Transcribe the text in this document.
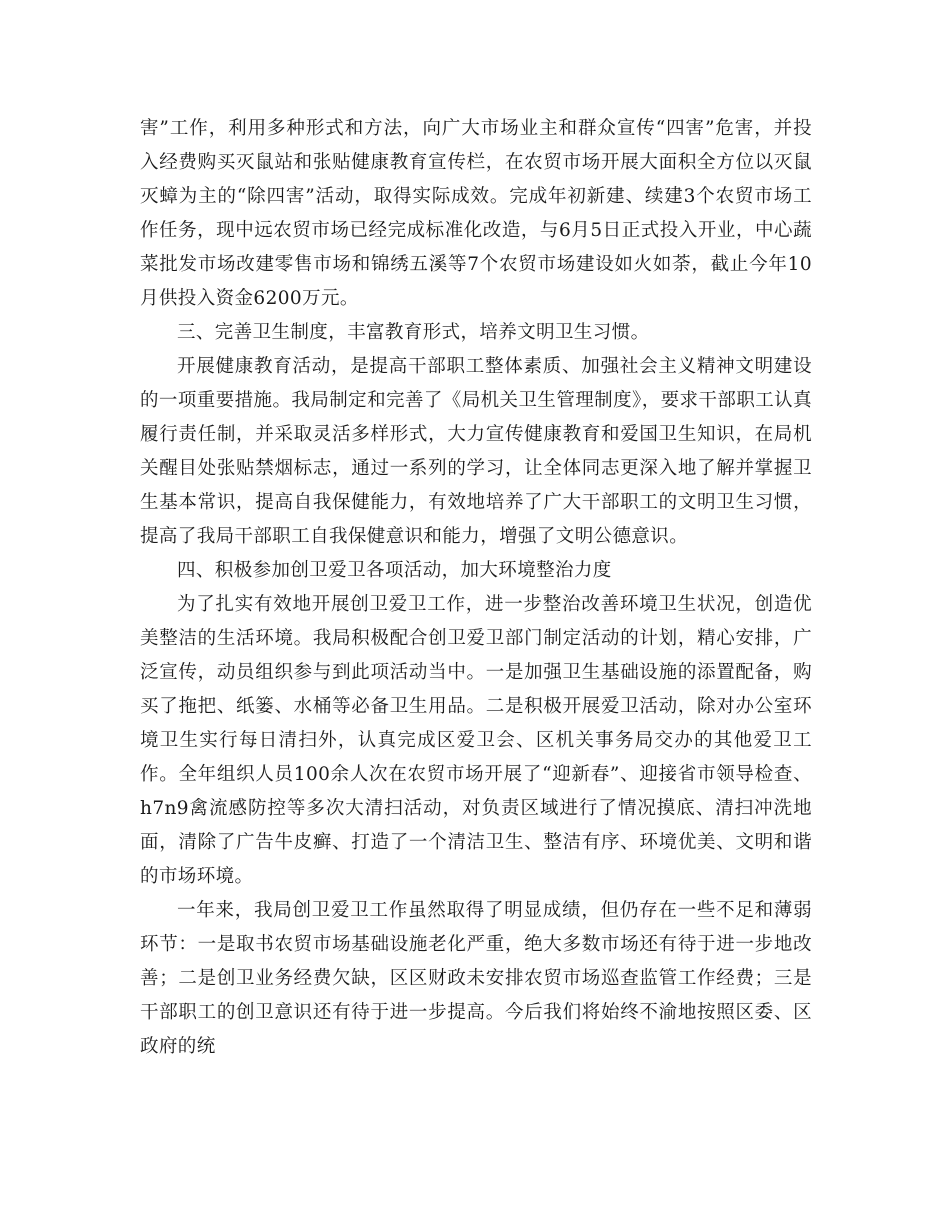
害”工作，利用多种形式和方法，向广大市场业主和群众宣传“四害”危害，并投入经费购买灭鼠站和张贴健康教育宣传栏，在农贸市场开展大面积全方位以灭鼠灭蟑为主的“除四害”活动，取得实际成效。完成年初新建、续建3个农贸市场工作任务，现中远农贸市场已经完成标准化改造，与6月5日正式投入开业，中心蔬菜批发市场改建零售市场和锦绣五溪等7个农贸市场建设如火如荼，截止今年10月供投入资金6200万元。

三、完善卫生制度，丰富教育形式，培养文明卫生习惯。

开展健康教育活动，是提高干部职工整体素质、加强社会主义精神文明建设的一项重要措施。我局制定和完善了《局机关卫生管理制度》，要求干部职工认真履行责任制，并采取灵活多样形式，大力宣传健康教育和爱国卫生知识，在局机关醒目处张贴禁烟标志，通过一系列的学习，让全体同志更深入地了解并掌握卫生基本常识，提高自我保健能力，有效地培养了广大干部职工的文明卫生习惯，提高了我局干部职工自我保健意识和能力，增强了文明公德意识。

四、积极参加创卫爱卫各项活动，加大环境整治力度

为了扎实有效地开展创卫爱卫工作，进一步整治改善环境卫生状况，创造优美整洁的生活环境。我局积极配合创卫爱卫部门制定活动的计划，精心安排，广泛宣传，动员组织参与到此项活动当中。一是加强卫生基础设施的添置配备，购买了拖把、纸篓、水桶等必备卫生用品。二是积极开展爱卫活动，除对办公室环境卫生实行每日清扫外，认真完成区爱卫会、区机关事务局交办的其他爱卫工作。全年组织人员100余人次在农贸市场开展了“迎新春”、迎接省市领导检查、h7n9禽流感防控等多次大清扫活动，对负责区域进行了情况摸底、清扫冲洗地面，清除了广告牛皮癣、打造了一个清洁卫生、整洁有序、环境优美、文明和谐的市场环境。

一年来，我局创卫爱卫工作虽然取得了明显成绩，但仍存在一些不足和薄弱环节：一是取书农贸市场基础设施老化严重，绝大多数市场还有待于进一步地改善；二是创卫业务经费欠缺，区区财政未安排农贸市场巡查监管工作经费；三是干部职工的创卫意识还有待于进一步提高。今后我们将始终不渝地按照区委、区政府的统
